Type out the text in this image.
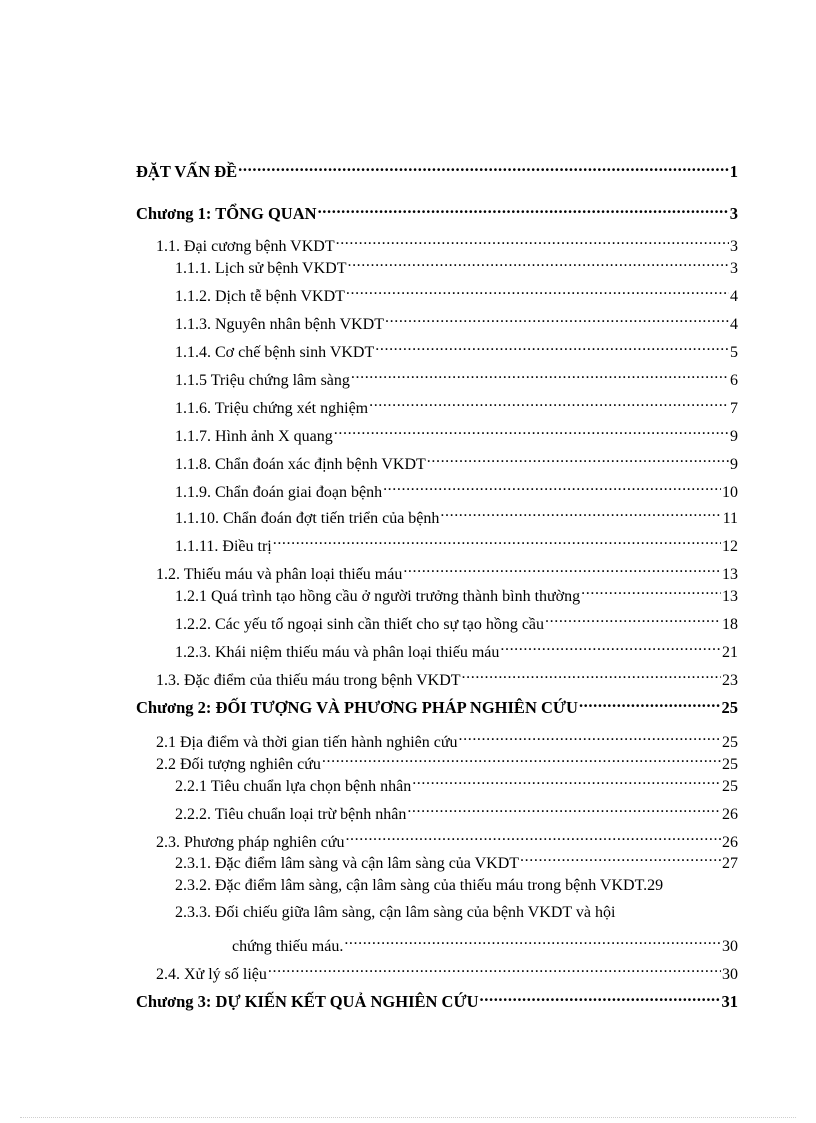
ĐẶT VẤN ĐỀ .....	1
Chương 1: TỔNG QUAN .....	3
1.1. Đại cương bệnh VKDT .....	3
1.1.1. Lịch sử bệnh VKDT .....	3
1.1.2. Dịch tễ bệnh VKDT .....	4
1.1.3. Nguyên nhân bệnh VKDT .....	4
1.1.4. Cơ chế bệnh sinh VKDT .....	5
1.1.5 Triệu chứng lâm sàng .....	6
1.1.6. Triệu chứng xét nghiệm .....	7
1.1.7. Hình ảnh X quang .....	9
1.1.8. Chẩn đoán xác định bệnh VKDT .....	9
1.1.9. Chẩn đoán giai đoạn bệnh .....	10
1.1.10. Chẩn đoán đợt tiến triển của bệnh .....	11
1.1.11. Điều trị .....	12
1.2. Thiếu máu và phân loại thiếu máu .....	13
1.2.1 Quá trình tạo hồng cầu ở người trưởng thành bình thường .....	13
1.2.2. Các yếu tố ngoại sinh cần thiết cho sự tạo hồng cầu .....	18
1.2.3. Khái niệm thiếu máu và phân loại thiếu máu .....	21
1.3. Đặc điểm của thiếu máu trong bệnh VKDT .....	23
Chương 2: ĐỐI TƯỢNG VÀ PHƯƠNG PHÁP NGHIÊN CỨU .....	25
2.1 Địa điểm và thời gian tiến hành nghiên cứu .....	25
2.2 Đối tượng nghiên cứu .....	25
2.2.1 Tiêu chuẩn lựa chọn bệnh nhân .....	25
2.2.2. Tiêu chuẩn loại trừ bệnh nhân .....	26
2.3. Phương pháp nghiên cứu .....	26
2.3.1. Đặc điểm lâm sàng và cận lâm sàng của VKDT .....	27
2.3.2. Đặc điểm lâm sàng, cận lâm sàng của thiếu máu trong bệnh VKDT. 29
2.3.3. Đối chiếu giữa lâm sàng, cận lâm sàng của bệnh VKDT và hội
chứng thiếu máu. .....	30
2.4. Xử lý số liệu .....	30
Chương 3: DỰ KIẾN KẾT QUẢ NGHIÊN CỨU .....	31
